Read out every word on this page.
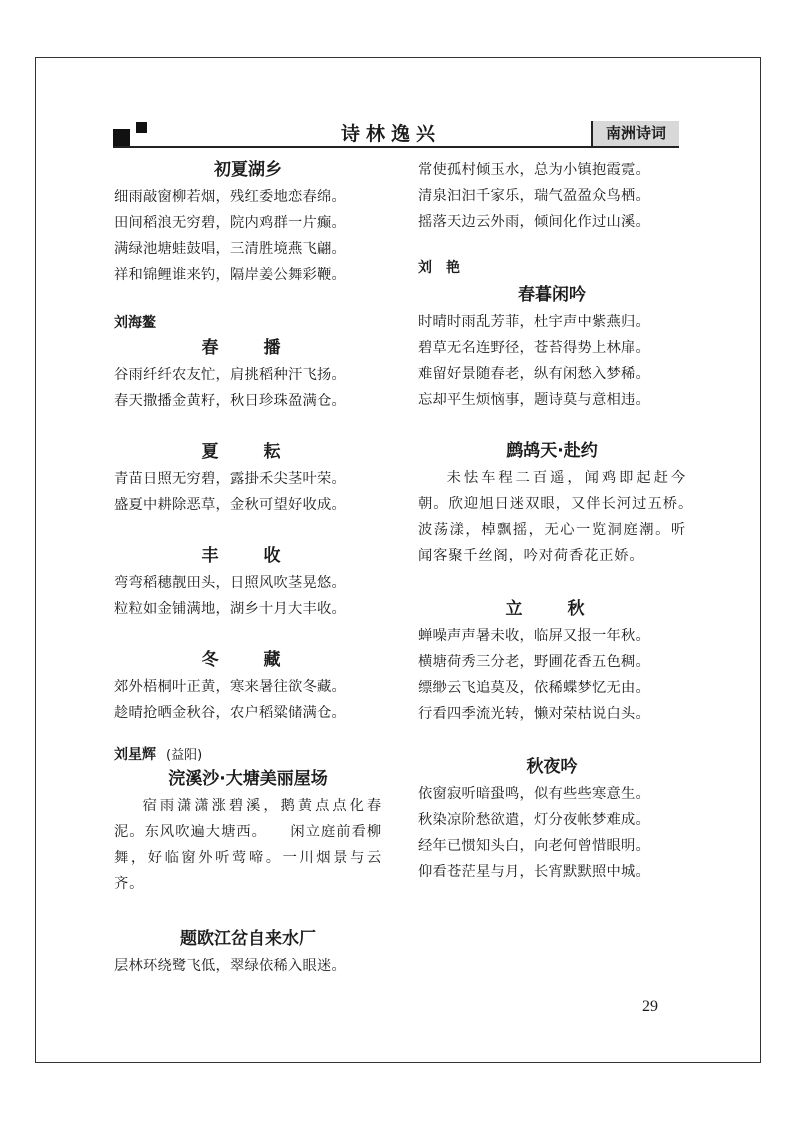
诗林逸兴	南洲诗词
初夏湖乡
细雨敲窗柳若烟，残红委地恋春绵。
田间稻浪无穷碧，院内鸡群一片癫。
满绿池塘蛙鼓唱，三清胜境燕飞翩。
祥和锦鲤谁来钓，隔岸姜公舞彩鞭。
刘海鳌
春　播
谷雨纤纤农友忙，肩挑稻种汗飞扬。
春天撒播金黄籽，秋日珍珠盈满仓。
夏　耘
青苗日照无穷碧，露掛禾尖茎叶荣。
盛夏中耕除恶草，金秋可望好收成。
丰　收
弯弯稻穗靓田头，日照风吹茎晃悠。
粒粒如金铺满地，湖乡十月大丰收。
冬　藏
郊外梧桐叶正黄，寒来暑往欲冬藏。
趁晴抢晒金秋谷，农户稻粱储满仓。
刘星辉 (益阳)
浣溪沙·大塘美丽屋场
宿雨潇潇涨碧溪，鹅黄点点化春泥。东风吹遍大塘西。　　闲立庭前看柳舞，好临窗外听莺啼。一川烟景与云齐。
题欧江岔自来水厂
层林环绕鹭飞低，翠绿依稀入眼迷。
常使孤村倾玉水，总为小镇抱霞霓。
清泉汩汩千家乐，瑞气盈盈众鸟栖。
摇落天边云外雨，倾间化作过山溪。
刘　艳
春暮闲吟
时晴时雨乱芳菲，杜宇声中紫燕归。
碧草无名连野径，苍苔得势上林扉。
难留好景随春老，纵有闲愁入梦稀。
忘却平生烦恼事，题诗莫与意相违。
鹧鸪天·赴约
未怯车程二百遥，闻鸡即起赶今朝。欣迎旭日迷双眼，又伴长河过五桥。　　波荡漾，棹飘摇，无心一览洞庭潮。听闻客聚千丝阁，吟对荷香花正娇。
立　秋
蝉噪声声暑未收，临屏又报一年秋。
横塘荷秀三分老，野圃花香五色稠。
缥缈云飞追莫及，依稀蝶梦忆无由。
行看四季流光转，懒对荣枯说白头。
秋夜吟
依窗寂听暗蛩鸣，似有些些寒意生。
秋染凉阶愁欲遣，灯分夜帐梦难成。
经年已惯知头白，向老何曾惜眼明。
仰看苍茫星与月，长宵默默照中城。
29
